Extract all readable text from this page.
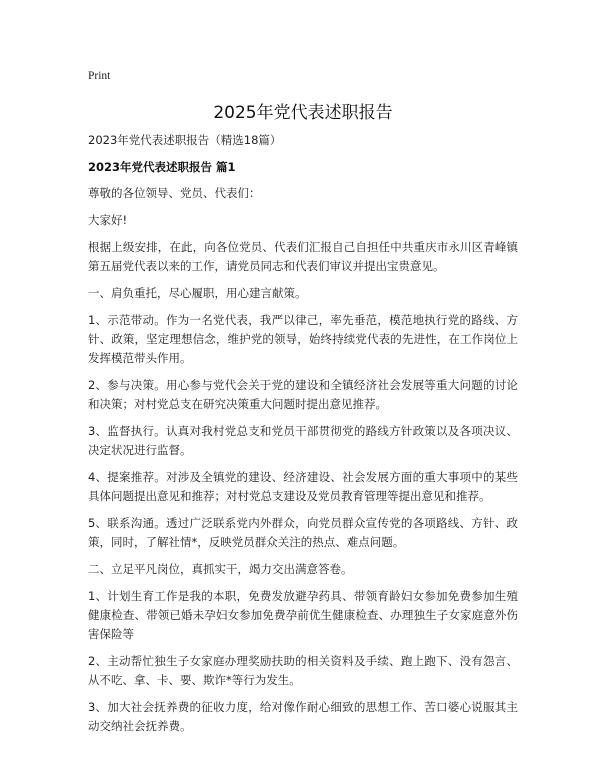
Print
2025年党代表述职报告
2023年党代表述职报告（精选18篇）
2023年党代表述职报告 篇1

尊敬的各位领导、党员、代表们：

大家好!

根据上级安排，在此，向各位党员、代表们汇报自己自担任中共重庆市永川区青峰镇第五届党代表以来的工作，请党员同志和代表们审议并提出宝贵意见。

一、肩负重托，尽心履职，用心建言献策。

1、示范带动。作为一名党代表，我严以律己，率先垂范，模范地执行党的路线、方针、政策，坚定理想信念，维护党的领导，始终持续党代表的先进性，在工作岗位上发挥模范带头作用。

2、参与决策。用心参与党代会关于党的建设和全镇经济社会发展等重大问题的讨论和决策；对村党总支在研究决策重大问题时提出意见推荐。

3、监督执行。认真对我村党总支和党员干部贯彻党的路线方针政策以及各项决议、决定状况进行监督。

4、提案推荐。对涉及全镇党的建设、经济建设、社会发展方面的重大事项中的某些具体问题提出意见和推荐；对村党总支建设及党员教育管理等提出意见和推荐。

5、联系沟通。透过广泛联系党内外群众，向党员群众宣传党的各项路线、方针、政策，同时，了解社情*，反映党员群众关注的热点、难点问题。

二、立足平凡岗位，真抓实干，竭力交出满意答卷。

1、计划生育工作是我的本职，免费发放避孕药具、带领育龄妇女参加免费参加生殖健康检查、带领已婚未孕妇女参加免费孕前优生健康检查、办理独生子女家庭意外伤害保险等

2、主动帮忙独生子女家庭办理奖励扶助的相关资料及手续、跑上跑下、没有怨言、从不吃、拿、卡、要、欺诈*等行为发生。

3、加大社会抚养费的征收力度，给对像作耐心细致的思想工作、苦口婆心说服其主动交纳社会抚养费。
